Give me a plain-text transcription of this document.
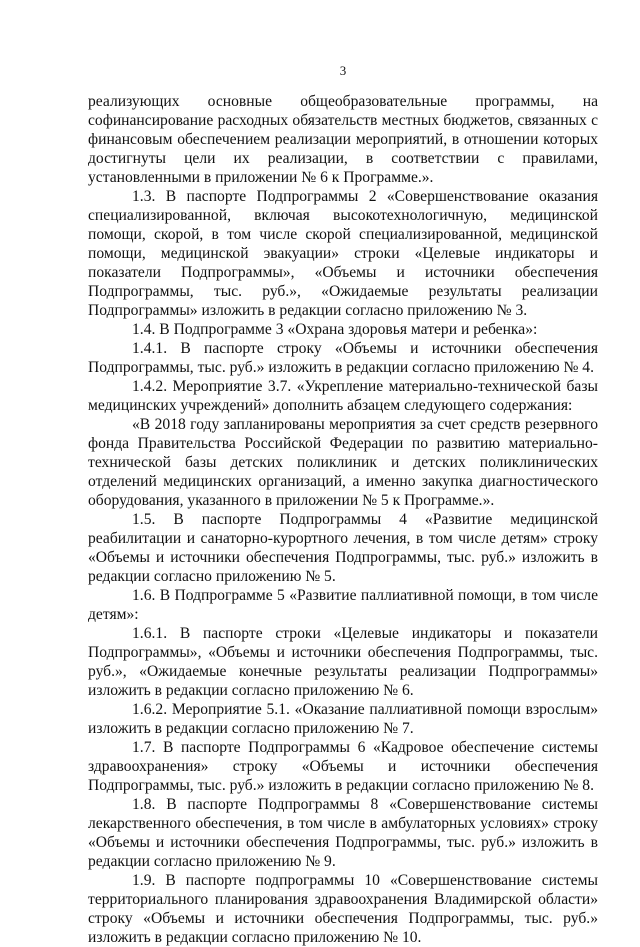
3

реализующих основные общеобразовательные программы, на софинансирование расходных обязательств местных бюджетов, связанных с финансовым обеспечением реализации мероприятий, в отношении которых достигнуты цели их реализации, в соответствии с правилами, установленными в приложении № 6 к Программе.».

1.3. В паспорте Подпрограммы 2 «Совершенствование оказания специализированной, включая высокотехнологичную, медицинской помощи, скорой, в том числе скорой специализированной, медицинской помощи, медицинской эвакуации» строки «Целевые индикаторы и показатели Подпрограммы», «Объемы и источники обеспечения Подпрограммы, тыс. руб.», «Ожидаемые результаты реализации Подпрограммы» изложить в редакции согласно приложению № 3.

1.4. В Подпрограмме 3 «Охрана здоровья матери и ребенка»:

1.4.1. В паспорте строку «Объемы и источники обеспечения Подпрограммы, тыс. руб.» изложить в редакции согласно приложению № 4.

1.4.2. Мероприятие 3.7. «Укрепление материально-технической базы медицинских учреждений» дополнить абзацем следующего содержания:

«В 2018 году запланированы мероприятия за счет средств резервного фонда Правительства Российской Федерации по развитию материально-технической базы детских поликлиник и детских поликлинических отделений медицинских организаций, а именно закупка диагностического оборудования, указанного в приложении № 5 к Программе.».

1.5. В паспорте Подпрограммы 4 «Развитие медицинской реабилитации и санаторно-курортного лечения, в том числе детям» строку «Объемы и источники обеспечения Подпрограммы, тыс. руб.» изложить в редакции согласно приложению № 5.

1.6. В Подпрограмме 5 «Развитие паллиативной помощи, в том числе детям»:

1.6.1. В паспорте строки «Целевые индикаторы и показатели Подпрограммы», «Объемы и источники обеспечения Подпрограммы, тыс. руб.», «Ожидаемые конечные результаты реализации Подпрограммы» изложить в редакции согласно приложению № 6.

1.6.2. Мероприятие 5.1. «Оказание паллиативной помощи взрослым» изложить в редакции согласно приложению № 7.

1.7. В паспорте Подпрограммы 6 «Кадровое обеспечение системы здравоохранения» строку «Объемы и источники обеспечения Подпрограммы, тыс. руб.» изложить в редакции согласно приложению № 8.

1.8. В паспорте Подпрограммы 8 «Совершенствование системы лекарственного обеспечения, в том числе в амбулаторных условиях» строку «Объемы и источники обеспечения Подпрограммы, тыс. руб.» изложить в редакции согласно приложению № 9.

1.9. В паспорте подпрограммы 10 «Совершенствование системы территориального планирования здравоохранения Владимирской области» строку «Объемы и источники обеспечения Подпрограммы, тыс. руб.» изложить в редакции согласно приложению № 10.
